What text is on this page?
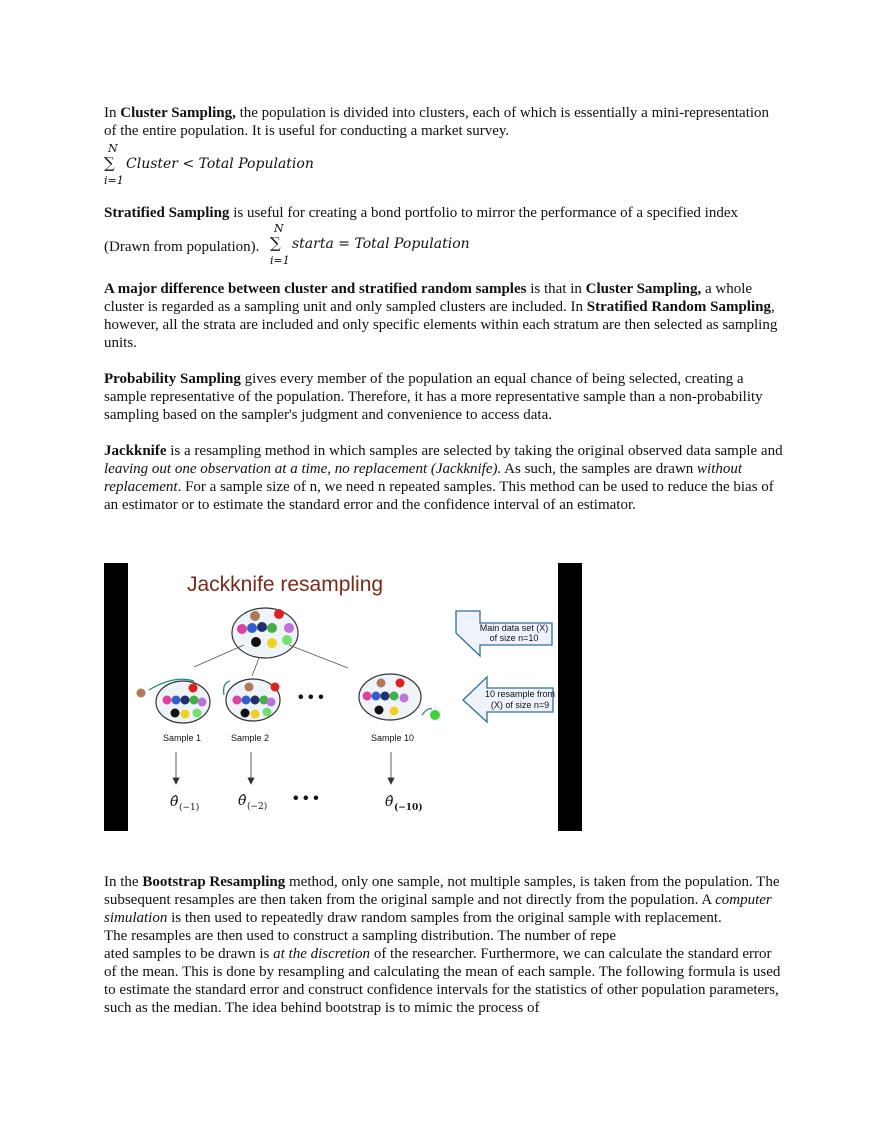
In Cluster Sampling, the population is divided into clusters, each of which is essentially a mini-representation of the entire population. It is useful for conducting a market survey.

N
∑
i=1
Cluster < Total Population
Stratified Sampling is useful for creating a bond portfolio to mirror the performance of a specified index
(Drawn from population).
N
∑
i=1
starta = Total Population

A major difference between cluster and stratified random samples is that in Cluster Sampling, a whole cluster is regarded as a sampling unit and only sampled clusters are included. In Stratified Random Sampling, however, all the strata are included and only specific elements within each stratum are then selected as sampling units.

Probability Sampling gives every member of the population an equal chance of being selected, creating a sample representative of the population. Therefore, it has a more representative sample than a non-probability sampling based on the sampler's judgment and convenience to access data.

Jackknife is a resampling method in which samples are selected by taking the original observed data sample and leaving out one observation at a time, no replacement (Jackknife). As such, the samples are drawn without replacement. For a sample size of n, we need n repeated samples. This method can be used to reduce the bias of an estimator or to estimate the standard error and the confidence interval of an estimator.

Jackknife resampling
• • •
Main data set (X)
of size n=10
10 resample from
(X) of size n=9
Sample 1	Sample 2	Sample 10
θ̂ (−1)	θ̂ (−2)	θ̂ (−10)
• • •

In the Bootstrap Resampling method, only one sample, not multiple samples, is taken from the population. The subsequent resamples are then taken from the original sample and not directly from the population. A computer simulation is then used to repeatedly draw random samples from the original sample with replacement.

The resamples are then used to construct a sampling distribution. The number of repe

ated samples to be drawn is at the discretion of the researcher. Furthermore, we can calculate the standard error of the mean. This is done by resampling and calculating the mean of each sample. The following formula is used to estimate the standard error and construct confidence intervals for the statistics of other population parameters, such as the median. The idea behind bootstrap is to mimic the process of
